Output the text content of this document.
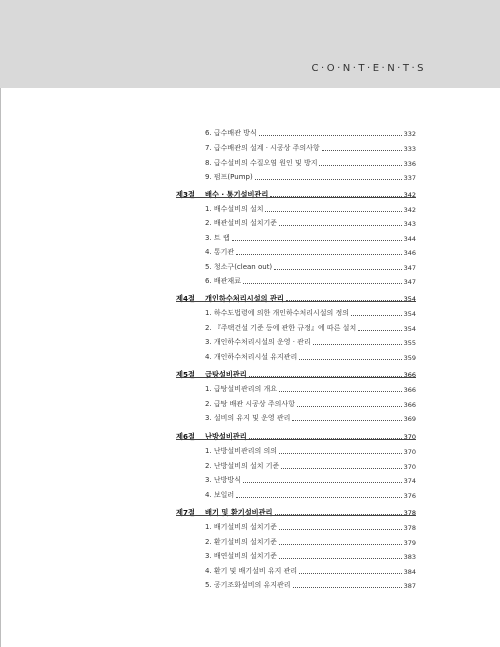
C·O·N·T·E·N·T·S
6. 급수배관 방식	332
7. 급수배관의 설계 · 시공상 주의사항	333
8. 급수설비의 수질오염 원인 및 방지	336
9. 펌프(Pump)	337
제3절	배수 · 통기설비관리	342
1. 배수설비의 설치	342
2. 배관설비의 설치기준	343
3. 트 랩	344
4. 통기관	346
5. 청소구(clean out)	347
6. 배관재료	347
제4절	개인하수처리시설의 관리	354
1. 하수도법령에 의한 개인하수처리시설의 정의	354
2. 『주택건설 기준 등에 관한 규정』에 따른 설치	354
3. 개인하수처리시설의 운영 · 관리	355
4. 개인하수처리시설 유지관리	359
제5절	급탕설비관리	366
1. 급탕설비관리의 개요	366
2. 급탕 배관 시공상 주의사항	366
3. 설비의 유지 및 운영 관리	369
제6절	난방설비관리	370
1. 난방설비관리의 의의	370
2. 난방설비의 설치 기준	370
3. 난방방식	374
4. 보일러	376
제7절	배기 및 환기설비관리	378
1. 배기설비의 설치기준	378
2. 환기설비의 설치기준	379
3. 배연설비의 설치기준	383
4. 환기 및 배기설비 유지 관리	384
5. 공기조화설비의 유지관리	387
